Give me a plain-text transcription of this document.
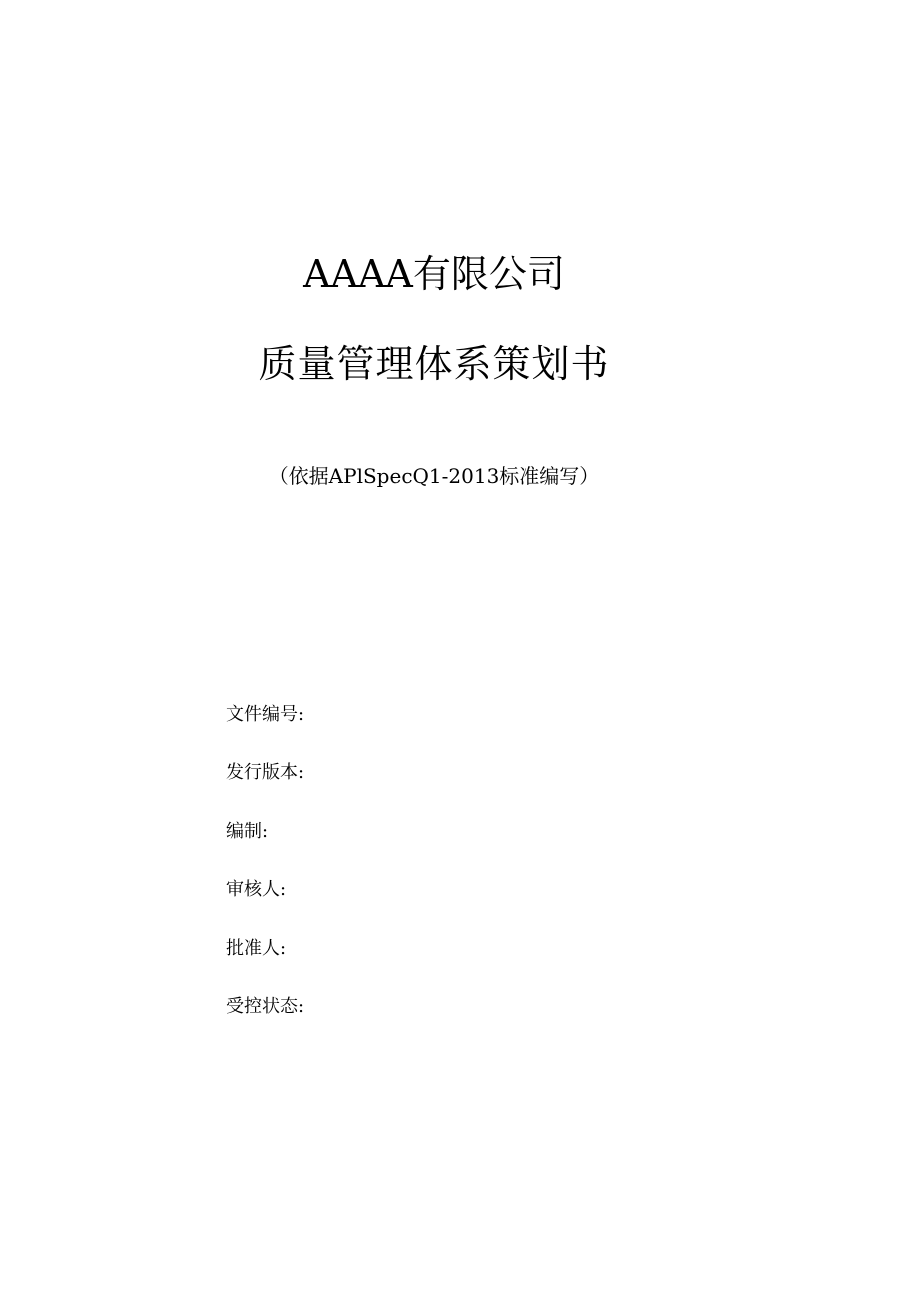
AAAA有限公司
质量管理体系策划书
（依据APlSpecQ1-2013标准编写）
文件编号:
发行版本:
编制:
审核人:
批准人:
受控状态:
